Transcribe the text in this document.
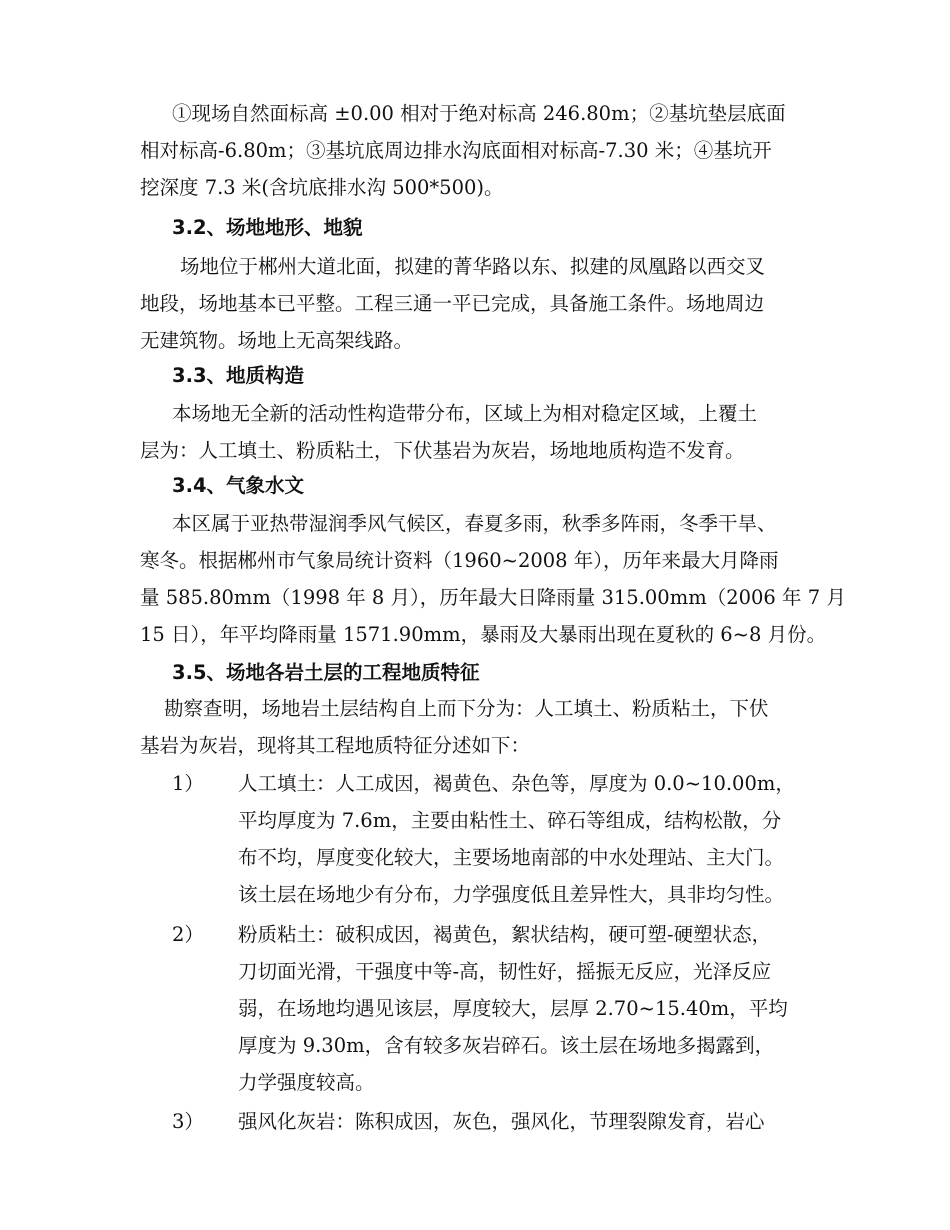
①现场自然面标高 ±0.00 相对于绝对标高 246.80m；②基坑垫层底面
相对标高-6.80m；③基坑底周边排水沟底面相对标高-7.30 米；④基坑开
挖深度 7.3 米(含坑底排水沟 500*500)。
3.2、场地地形、地貌
场地位于郴州大道北面，拟建的菁华路以东、拟建的凤凰路以西交叉
地段，场地基本已平整。工程三通一平已完成，具备施工条件。场地周边
无建筑物。场地上无高架线路。
3.3、地质构造
本场地无全新的活动性构造带分布，区域上为相对稳定区域，上覆土
层为：人工填土、粉质粘土，下伏基岩为灰岩，场地地质构造不发育。
3.4、气象水文
本区属于亚热带湿润季风气候区，春夏多雨，秋季多阵雨，冬季干旱、
寒冬。根据郴州市气象局统计资料（1960~2008 年），历年来最大月降雨
量 585.80mm（1998 年 8 月），历年最大日降雨量 315.00mm（2006 年 7 月
15 日），年平均降雨量 1571.90mm，暴雨及大暴雨出现在夏秋的 6~8 月份。
3.5、场地各岩土层的工程地质特征
勘察查明，场地岩土层结构自上而下分为：人工填土、粉质粘土，下伏
基岩为灰岩，现将其工程地质特征分述如下：
1） 人工填土：人工成因，褐黄色、杂色等，厚度为 0.0~10.00m，
平均厚度为 7.6m，主要由粘性土、碎石等组成，结构松散，分
布不均，厚度变化较大，主要场地南部的中水处理站、主大门。
该土层在场地少有分布，力学强度低且差异性大，具非均匀性。
2） 粉质粘土：破积成因，褐黄色，絮状结构，硬可塑-硬塑状态，
刀切面光滑，干强度中等-高，韧性好，摇振无反应，光泽反应
弱，在场地均遇见该层，厚度较大，层厚 2.70~15.40m，平均
厚度为 9.30m，含有较多灰岩碎石。该土层在场地多揭露到，
力学强度较高。
3） 强风化灰岩：陈积成因，灰色，强风化，节理裂隙发育，岩心
